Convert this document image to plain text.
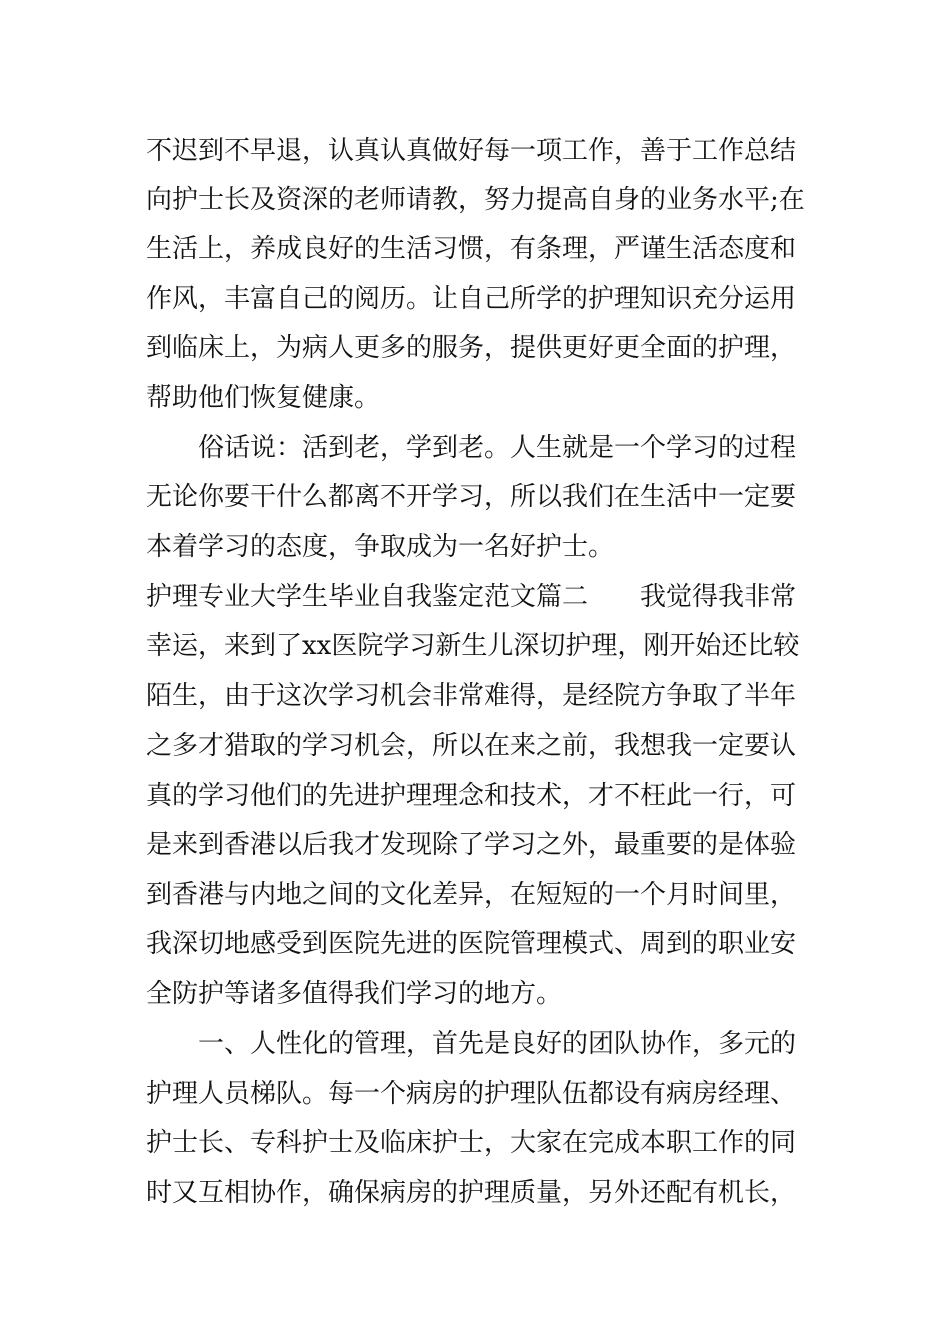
不迟到不早退，认真认真做好每一项工作，善于工作总结
向护士长及资深的老师请教，努力提高自身的业务水平;在
生活上，养成良好的生活习惯，有条理，严谨生活态度和
作风，丰富自己的阅历。让自己所学的护理知识充分运用
到临床上，为病人更多的服务，提供更好更全面的护理，
帮助他们恢复健康。
俗话说：活到老，学到老。人生就是一个学习的过程
无论你要干什么都离不开学习，所以我们在生活中一定要
本着学习的态度，争取成为一名好护士。
护理专业大学生毕业自我鉴定范文篇二　　我觉得我非常
幸运，来到了xx医院学习新生儿深切护理，刚开始还比较
陌生，由于这次学习机会非常难得，是经院方争取了半年
之多才猎取的学习机会，所以在来之前，我想我一定要认
真的学习他们的先进护理理念和技术，才不枉此一行，可
是来到香港以后我才发现除了学习之外，最重要的是体验
到香港与内地之间的文化差异，在短短的一个月时间里，
我深切地感受到医院先进的医院管理模式、周到的职业安
全防护等诸多值得我们学习的地方。
一、人性化的管理，首先是良好的团队协作，多元的
护理人员梯队。每一个病房的护理队伍都设有病房经理、
护士长、专科护士及临床护士，大家在完成本职工作的同
时又互相协作，确保病房的护理质量，另外还配有机长，
